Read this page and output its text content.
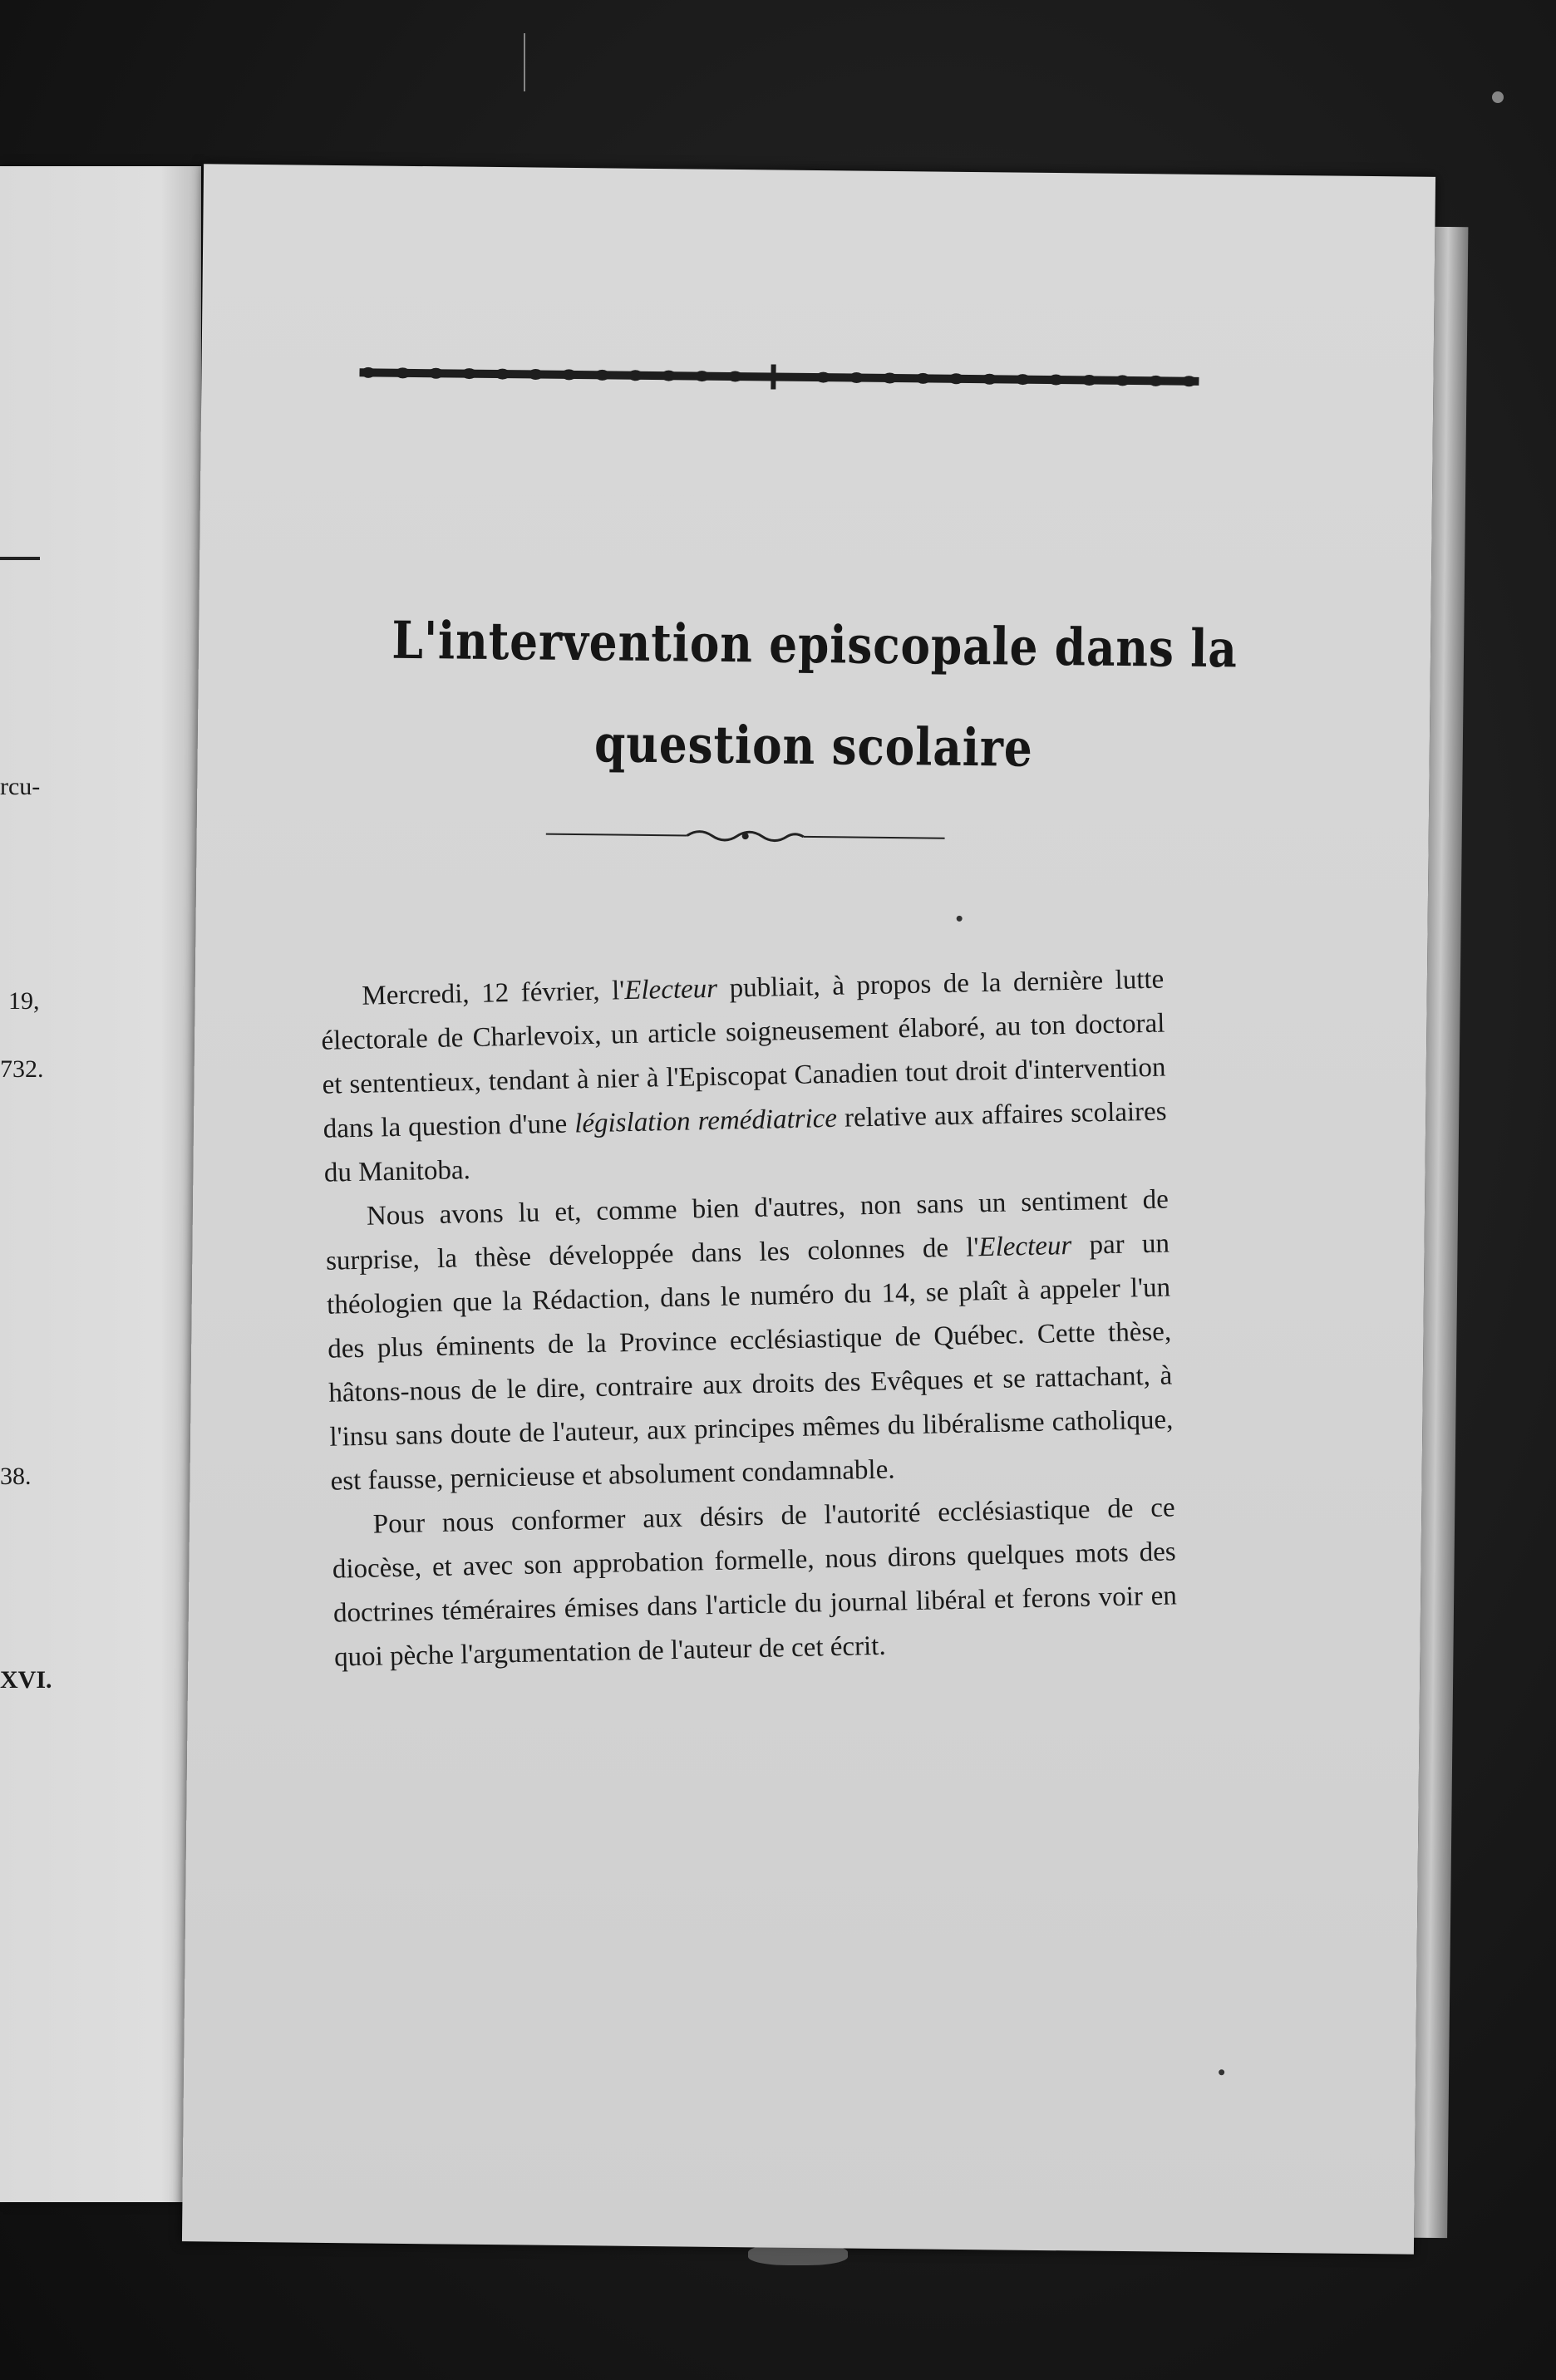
rcu-
19,
732.
38.
XVI.
L'intervention episcopale dans la
question scolaire

Mercredi, 12 février, l'Electeur publiait, à propos de la dernière lutte électorale de Charlevoix, un article soigneusement élaboré, au ton doctoral et sententieux, tendant à nier à l'Episcopat Canadien tout droit d'intervention dans la question d'une législation remédiatrice relative aux affaires scolaires du Manitoba.

Nous avons lu et, comme bien d'autres, non sans un sentiment de surprise, la thèse développée dans les colonnes de l'Electeur par un théologien que la Rédaction, dans le numéro du 14, se plaît à appeler l'un des plus éminents de la Province ecclésiastique de Québec. Cette thèse, hâtons-nous de le dire, contraire aux droits des Evêques et se rattachant, à l'insu sans doute de l'auteur, aux principes mêmes du libéralisme catholique, est fausse, pernicieuse et absolument condamnable.

Pour nous conformer aux désirs de l'autorité ecclésiastique de ce diocèse, et avec son approbation formelle, nous dirons quelques mots des doctrines téméraires émises dans l'article du journal libéral et ferons voir en quoi pèche l'argumentation de l'auteur de cet écrit.
